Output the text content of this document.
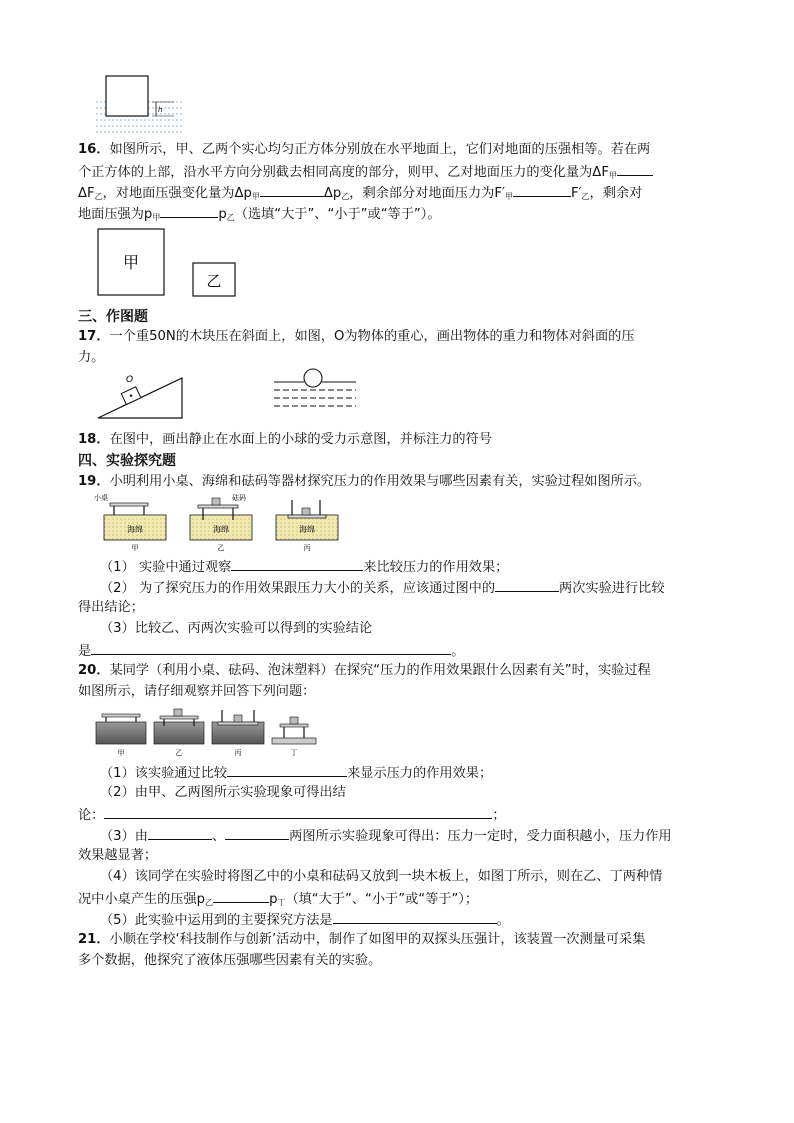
h
16．如图所示，甲、乙两个实心均匀正方体分别放在水平地面上，它们对地面的压强相等。若在两
个正方体的上部，沿水平方向分别截去相同高度的部分，则甲、乙对地面压力的变化量为$\Delta F_甲$
$\Delta F_乙$，对地面压强变化量为$\Delta p_甲$	$\Delta p_乙$，剩余部分对地面压力为$F'_甲$	$F'_乙$，剩余对
地面压强为$p_甲$	$p_乙$（选填“大于”、“小于”或“等于”）。
甲
乙
三、作图题
17．一个重50N的木块压在斜面上，如图，O为物体的重心，画出物体的重力和物体对斜面的压
力。
O
18．在图中，画出静止在水面上的小球的受力示意图，并标注力的符号
四、实验探究题
19．小明利用小桌、海绵和砝码等器材探究压力的作用效果与哪些因素有关，实验过程如图所示。
小桌	砝码
海绵
甲
海绵
乙
海绵
丙
（1） 实验中通过观察	来比较压力的作用效果；
（2） 为了探究压力的作用效果跟压力大小的关系，应该通过图中的	两次实验进行比较
得出结论；
（3）比较乙、丙两次实验可以得到的实验结论
是	。
20．某同学（利用小桌、砝码、泡沫塑料）在探究“压力的作用效果跟什么因素有关”时，实验过程
如图所示，请仔细观察并回答下列问题：
甲	乙	丙	丁
（1）该实验通过比较	来显示压力的作用效果；
（2）由甲、乙两图所示实验现象可得出结
论：	；
（3）由	、	两图所示实验现象可得出：压力一定时，受力面积越小，压力作用
效果越显著；
（4）该同学在实验时将图乙中的小桌和砝码又放到一块木板上，如图丁所示，则在乙、丁两种情
况中小桌产生的压强$p_乙$	$p_丁$（填“大于”、“小于”或“等于”）；
（5）此实验中运用到的主要探究方法是	。
21．小顺在学校‘科技制作与创新’活动中，制作了如图甲的双探头压强计，该装置一次测量可采集
多个数据，他探究了液体压强哪些因素有关的实验。
